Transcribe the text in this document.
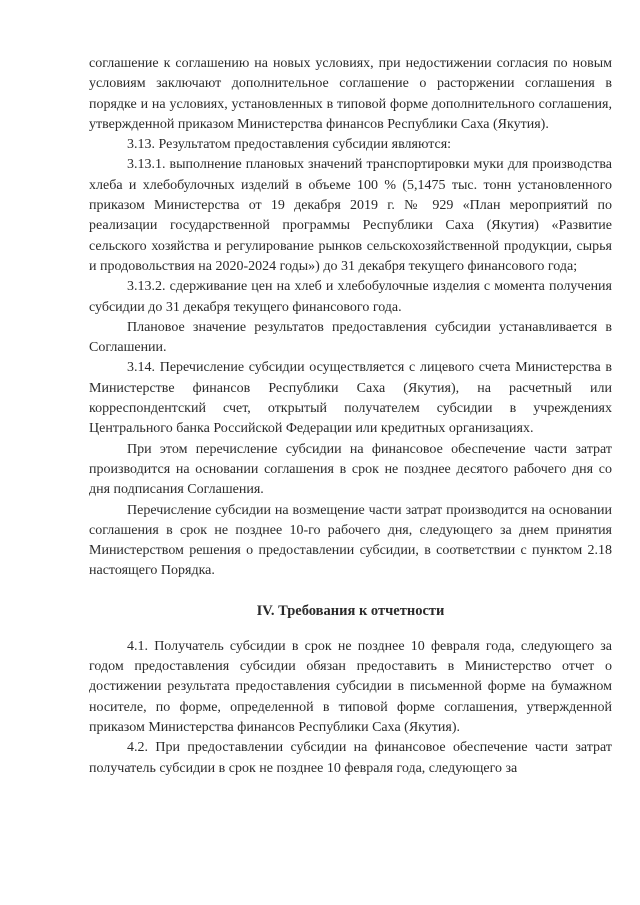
соглашение к соглашению на новых условиях, при недостижении согласия по новым условиям заключают дополнительное соглашение о расторжении соглашения в порядке и на условиях, установленных в типовой форме дополнительного соглашения, утвержденной приказом Министерства финансов Республики Саха (Якутия).

3.13. Результатом предоставления субсидии являются:

3.13.1. выполнение плановых значений транспортировки муки для производства хлеба и хлебобулочных изделий в объеме 100 % (5,1475 тыс. тонн установленного приказом Министерства от 19 декабря 2019 г. № 929 «План мероприятий по реализации государственной программы Республики Саха (Якутия) «Развитие сельского хозяйства и регулирование рынков сельскохозяйственной продукции, сырья и продовольствия на 2020-2024 годы») до 31 декабря текущего финансового года;

3.13.2. сдерживание цен на хлеб и хлебобулочные изделия с момента получения субсидии до 31 декабря текущего финансового года.

Плановое значение результатов предоставления субсидии устанавливается в Соглашении.

3.14. Перечисление субсидии осуществляется с лицевого счета Министерства в Министерстве финансов Республики Саха (Якутия), на расчетный или корреспондентский счет, открытый получателем субсидии в учреждениях Центрального банка Российской Федерации или кредитных организациях.

При этом перечисление субсидии на финансовое обеспечение части затрат производится на основании соглашения в срок не позднее десятого рабочего дня со дня подписания Соглашения.

Перечисление субсидии на возмещение части затрат производится на основании соглашения в срок не позднее 10-го рабочего дня, следующего за днем принятия Министерством решения о предоставлении субсидии, в соответствии с пунктом 2.18 настоящего Порядка.

IV. Требования к отчетности

4.1. Получатель субсидии в срок не позднее 10 февраля года, следующего за годом предоставления субсидии обязан предоставить в Министерство отчет о достижении результата предоставления субсидии в письменной форме на бумажном носителе, по форме, определенной в типовой форме соглашения, утвержденной приказом Министерства финансов Республики Саха (Якутия).

4.2. При предоставлении субсидии на финансовое обеспечение части затрат получатель субсидии в срок не позднее 10 февраля года, следующего за
